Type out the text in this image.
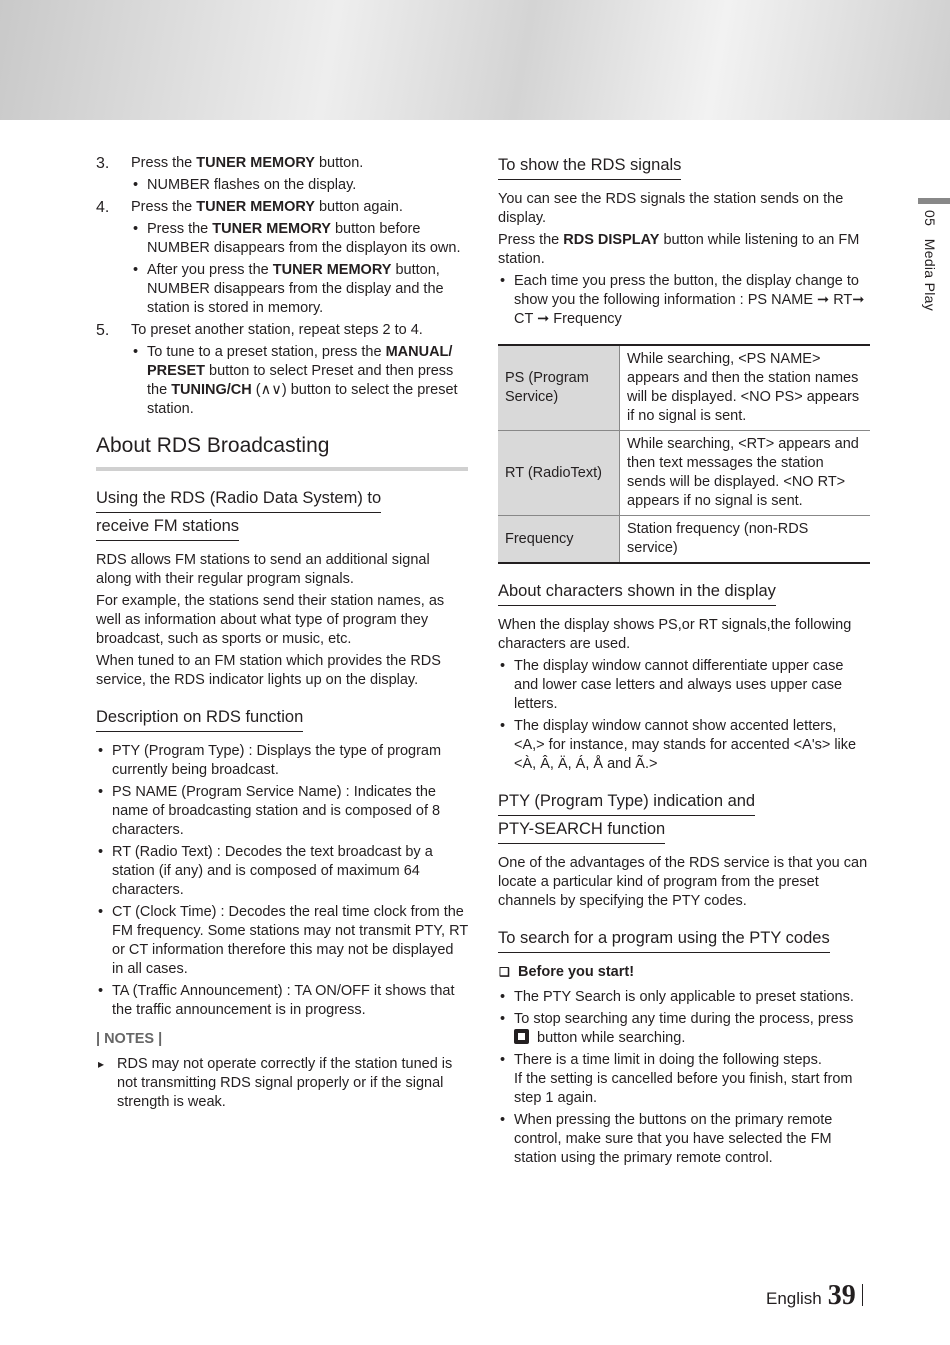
05   Media Play
3. Press the TUNER MEMORY button.

• NUMBER flashes on the display.
4. Press the TUNER MEMORY button again.

• Press the TUNER MEMORY button before NUMBER disappears from the displayon its own.
• After you press the TUNER MEMORY button, NUMBER disappears from the display and the station is stored in memory.
5. To preset another station, repeat steps 2 to 4.

• To tune to a preset station, press the MANUAL/ PRESET button to select Preset and then press the TUNING/CH (∧∨) button to select the preset station.
About RDS Broadcasting
Using the RDS (Radio Data System) to
receive FM stations

RDS allows FM stations to send an additional signal along with their regular program signals.

For example, the stations send their station names, as well as information about what type of program they broadcast, such as sports or music, etc.

When tuned to an FM station which provides the RDS service, the RDS indicator lights up on the display.

Description on RDS function
• PTY (Program Type) : Displays the type of program currently being broadcast.
• PS NAME (Program Service Name) : Indicates the name of broadcasting station and is composed of 8 characters.
• RT (Radio Text) : Decodes the text broadcast by a station (if any) and is composed of maximum 64 characters.
• CT (Clock Time) : Decodes the real time clock from the FM frequency. Some stations may not transmit PTY, RT or CT information therefore this may not be displayed in all cases.
• TA (Traffic Announcement) : TA ON/OFF it shows that the traffic announcement is in progress.
| NOTES |
▸ RDS may not operate correctly if the station tuned is not transmitting RDS signal properly or if the signal strength is weak.
To show the RDS signals

You can see the RDS signals the station sends on the display.

Press the RDS DISPLAY button while listening to an FM station.

• Each time you press the button, the display change to show you the following information : PS NAME ➞ RT➞ CT ➞ Frequency
PS (Program Service)	While searching, <PS NAME> appears and then the station names will be displayed. <NO PS> appears if no signal is sent.
RT (RadioText)	While searching, <RT> appears and then text messages the station sends will be displayed. <NO RT> appears if no signal is sent.
Frequency	Station frequency (non-RDS service)
About characters shown in the display

When the display shows PS,or RT signals,the following characters are used.

• The display window cannot differentiate upper case and lower case letters and always uses upper case letters.
• The display window cannot show accented letters, <A,> for instance, may stands for accented <A's> like <À, Â, Ä, Á, Å and Ã.>
PTY (Program Type) indication and
PTY-SEARCH function

One of the advantages of the RDS service is that you can locate a particular kind of program from the preset channels by specifying the PTY codes.

To search for a program using the PTY codes
❑ Before you start!
• The PTY Search is only applicable to preset stations.
• To stop searching any time during the process, press
button while searching.
• There is a time limit in doing the following steps.
If the setting is cancelled before you finish, start from step 1 again.
• When pressing the buttons on the primary remote control, make sure that you have selected the FM station using the primary remote control.
English 39
